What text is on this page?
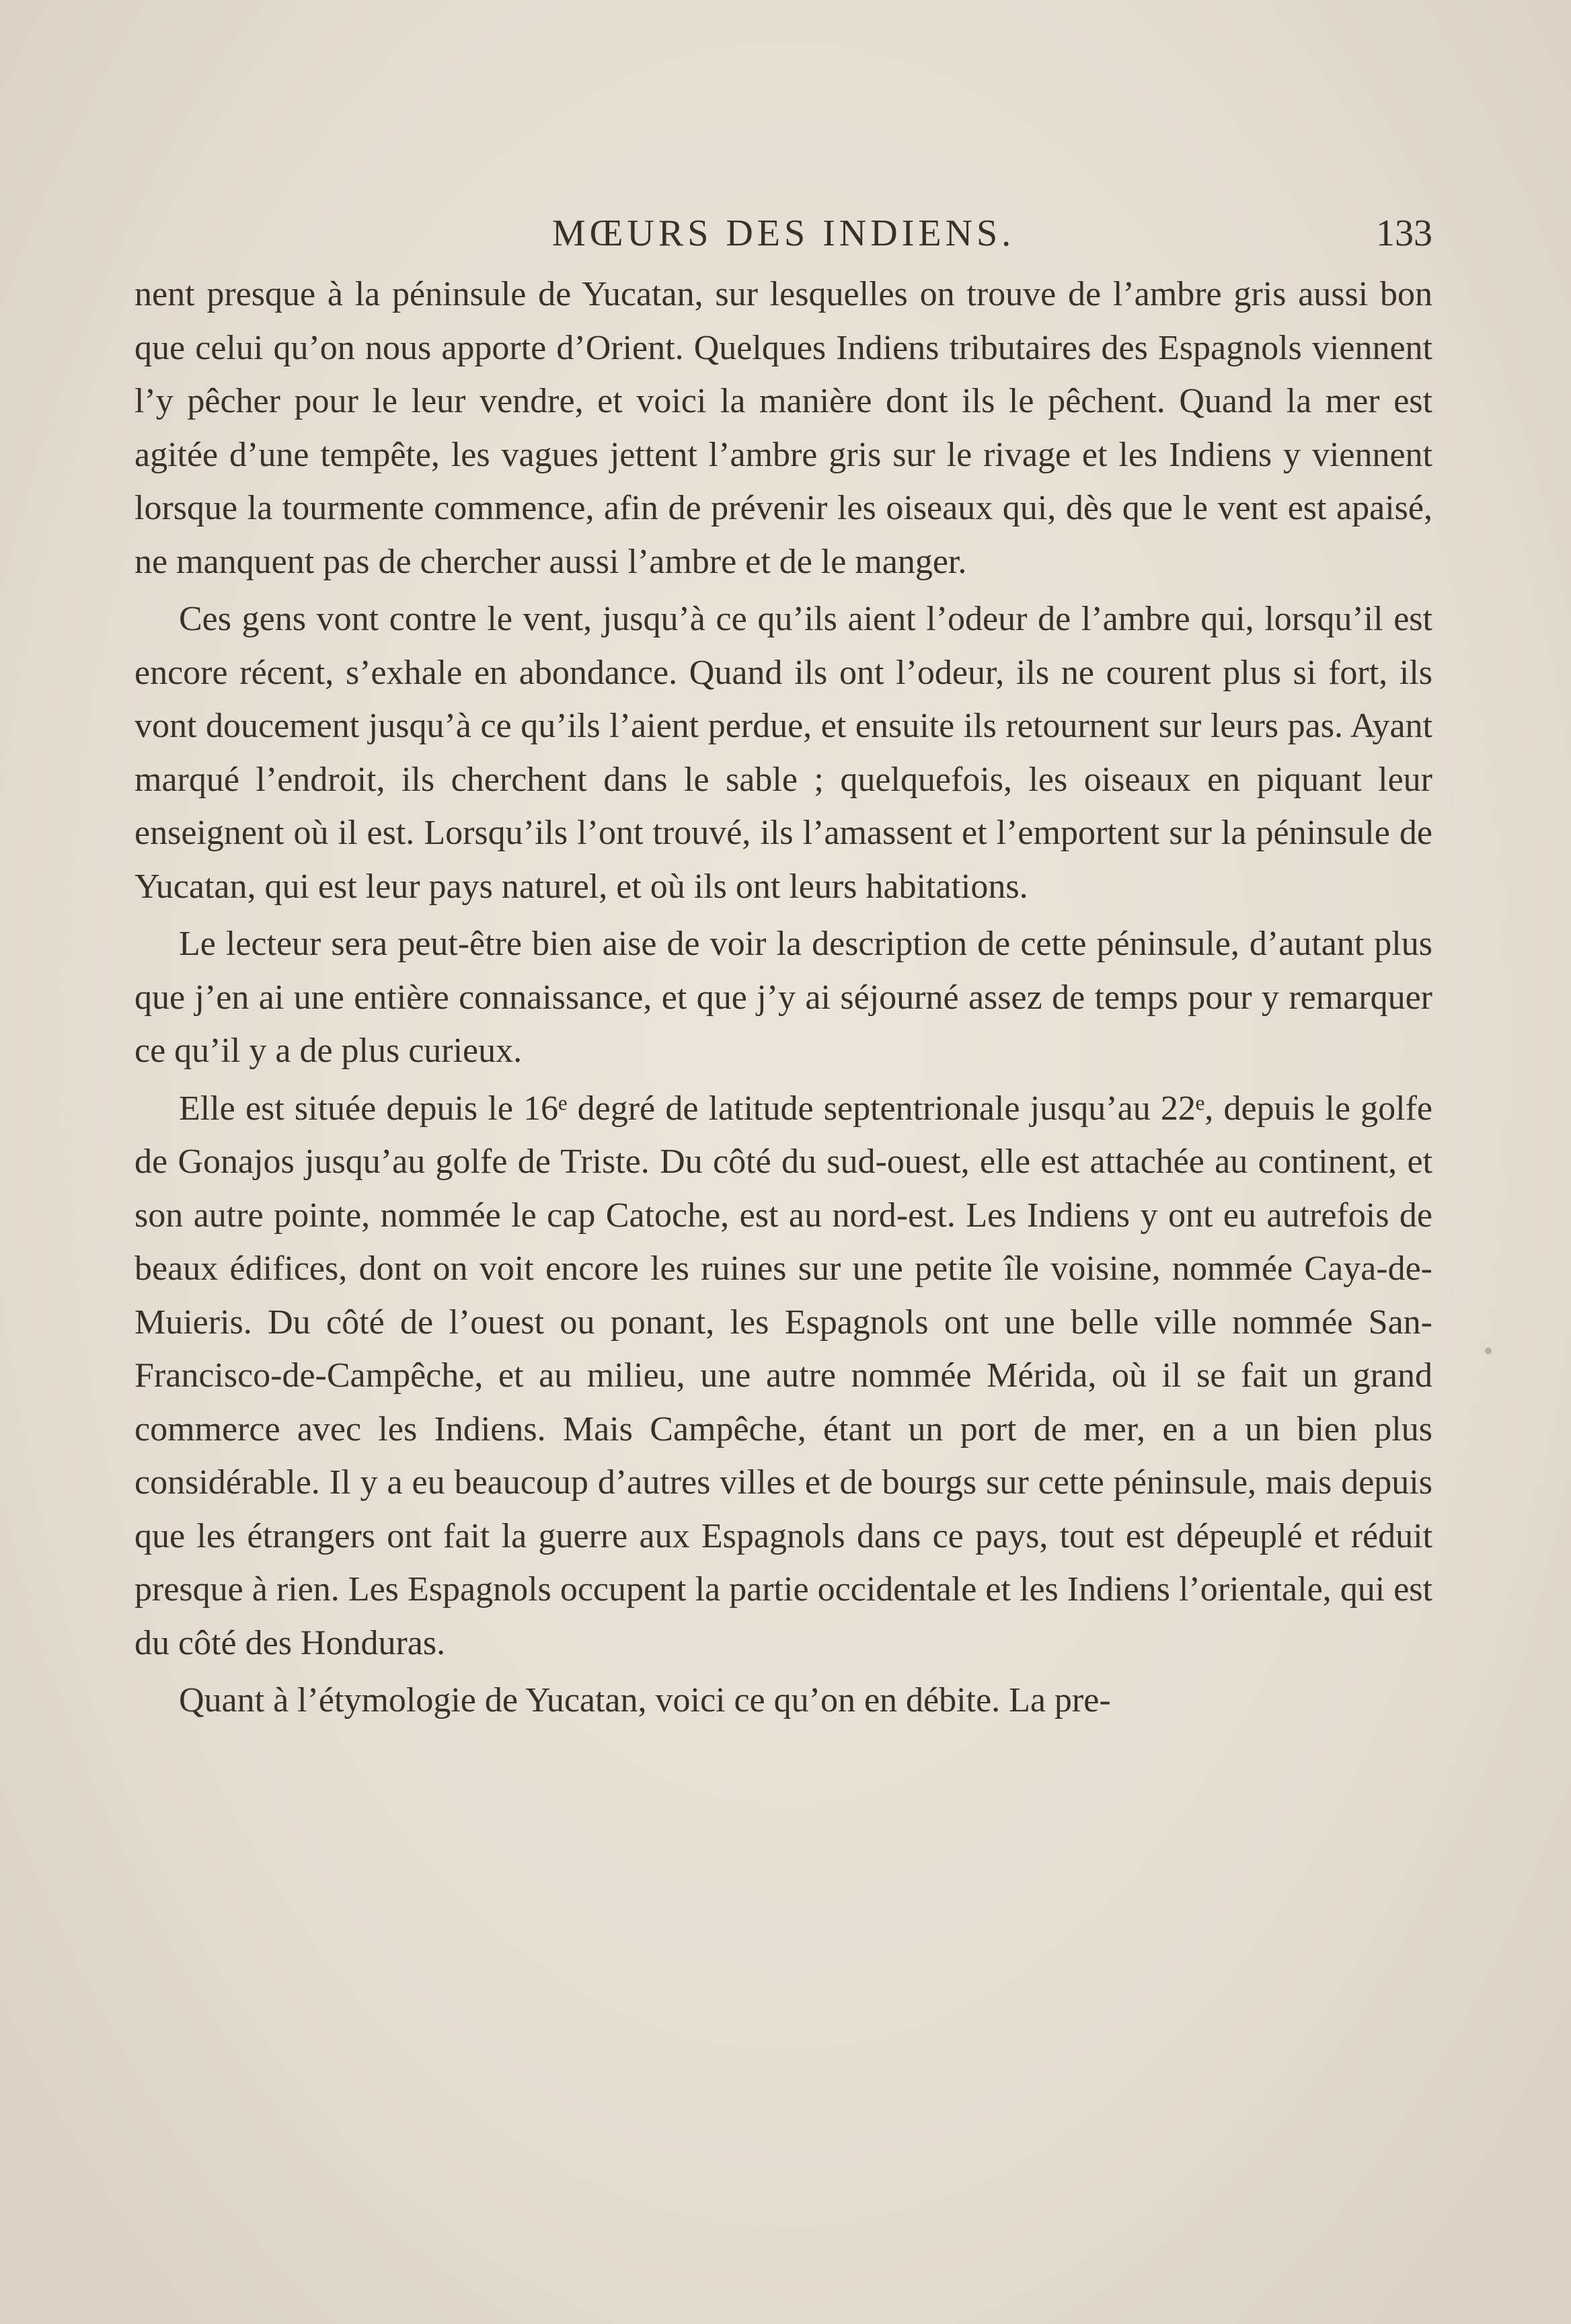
MŒURS DES INDIENS.	133

nent presque à la péninsule de Yucatan, sur lesquelles on trouve de l’ambre gris aussi bon que celui qu’on nous apporte d’Orient. Quelques Indiens tributaires des Espagnols viennent l’y pêcher pour le leur vendre, et voici la manière dont ils le pêchent. Quand la mer est agitée d’une tempête, les vagues jettent l’ambre gris sur le rivage et les Indiens y viennent lorsque la tourmente commence, afin de prévenir les oiseaux qui, dès que le vent est apaisé, ne manquent pas de chercher aussi l’ambre et de le manger.

Ces gens vont contre le vent, jusqu’à ce qu’ils aient l’odeur de l’ambre qui, lorsqu’il est encore récent, s’exhale en abondance. Quand ils ont l’odeur, ils ne courent plus si fort, ils vont doucement jusqu’à ce qu’ils l’aient perdue, et ensuite ils retournent sur leurs pas. Ayant marqué l’endroit, ils cherchent dans le sable ; quelquefois, les oiseaux en piquant leur enseignent où il est. Lorsqu’ils l’ont trouvé, ils l’amassent et l’emportent sur la péninsule de Yucatan, qui est leur pays naturel, et où ils ont leurs habitations.

Le lecteur sera peut-être bien aise de voir la description de cette péninsule, d’autant plus que j’en ai une entière connaissance, et que j’y ai séjourné assez de temps pour y remarquer ce qu’il y a de plus curieux.

Elle est située depuis le 16ᵉ degré de latitude septentrionale jusqu’au 22ᵉ, depuis le golfe de Gonajos jusqu’au golfe de Triste. Du côté du sud-ouest, elle est attachée au continent, et son autre pointe, nommée le cap Catoche, est au nord-est. Les Indiens y ont eu autrefois de beaux édifices, dont on voit encore les ruines sur une petite île voisine, nommée Caya-de-Muieris. Du côté de l’ouest ou ponant, les Espagnols ont une belle ville nommée San-Francisco-de-Campêche, et au milieu, une autre nommée Mérida, où il se fait un grand commerce avec les Indiens. Mais Campêche, étant un port de mer, en a un bien plus considérable. Il y a eu beaucoup d’autres villes et de bourgs sur cette péninsule, mais depuis que les étrangers ont fait la guerre aux Espagnols dans ce pays, tout est dépeuplé et réduit presque à rien. Les Espagnols occupent la partie occidentale et les Indiens l’orientale, qui est du côté des Honduras.

Quant à l’étymologie de Yucatan, voici ce qu’on en débite. La pre-
